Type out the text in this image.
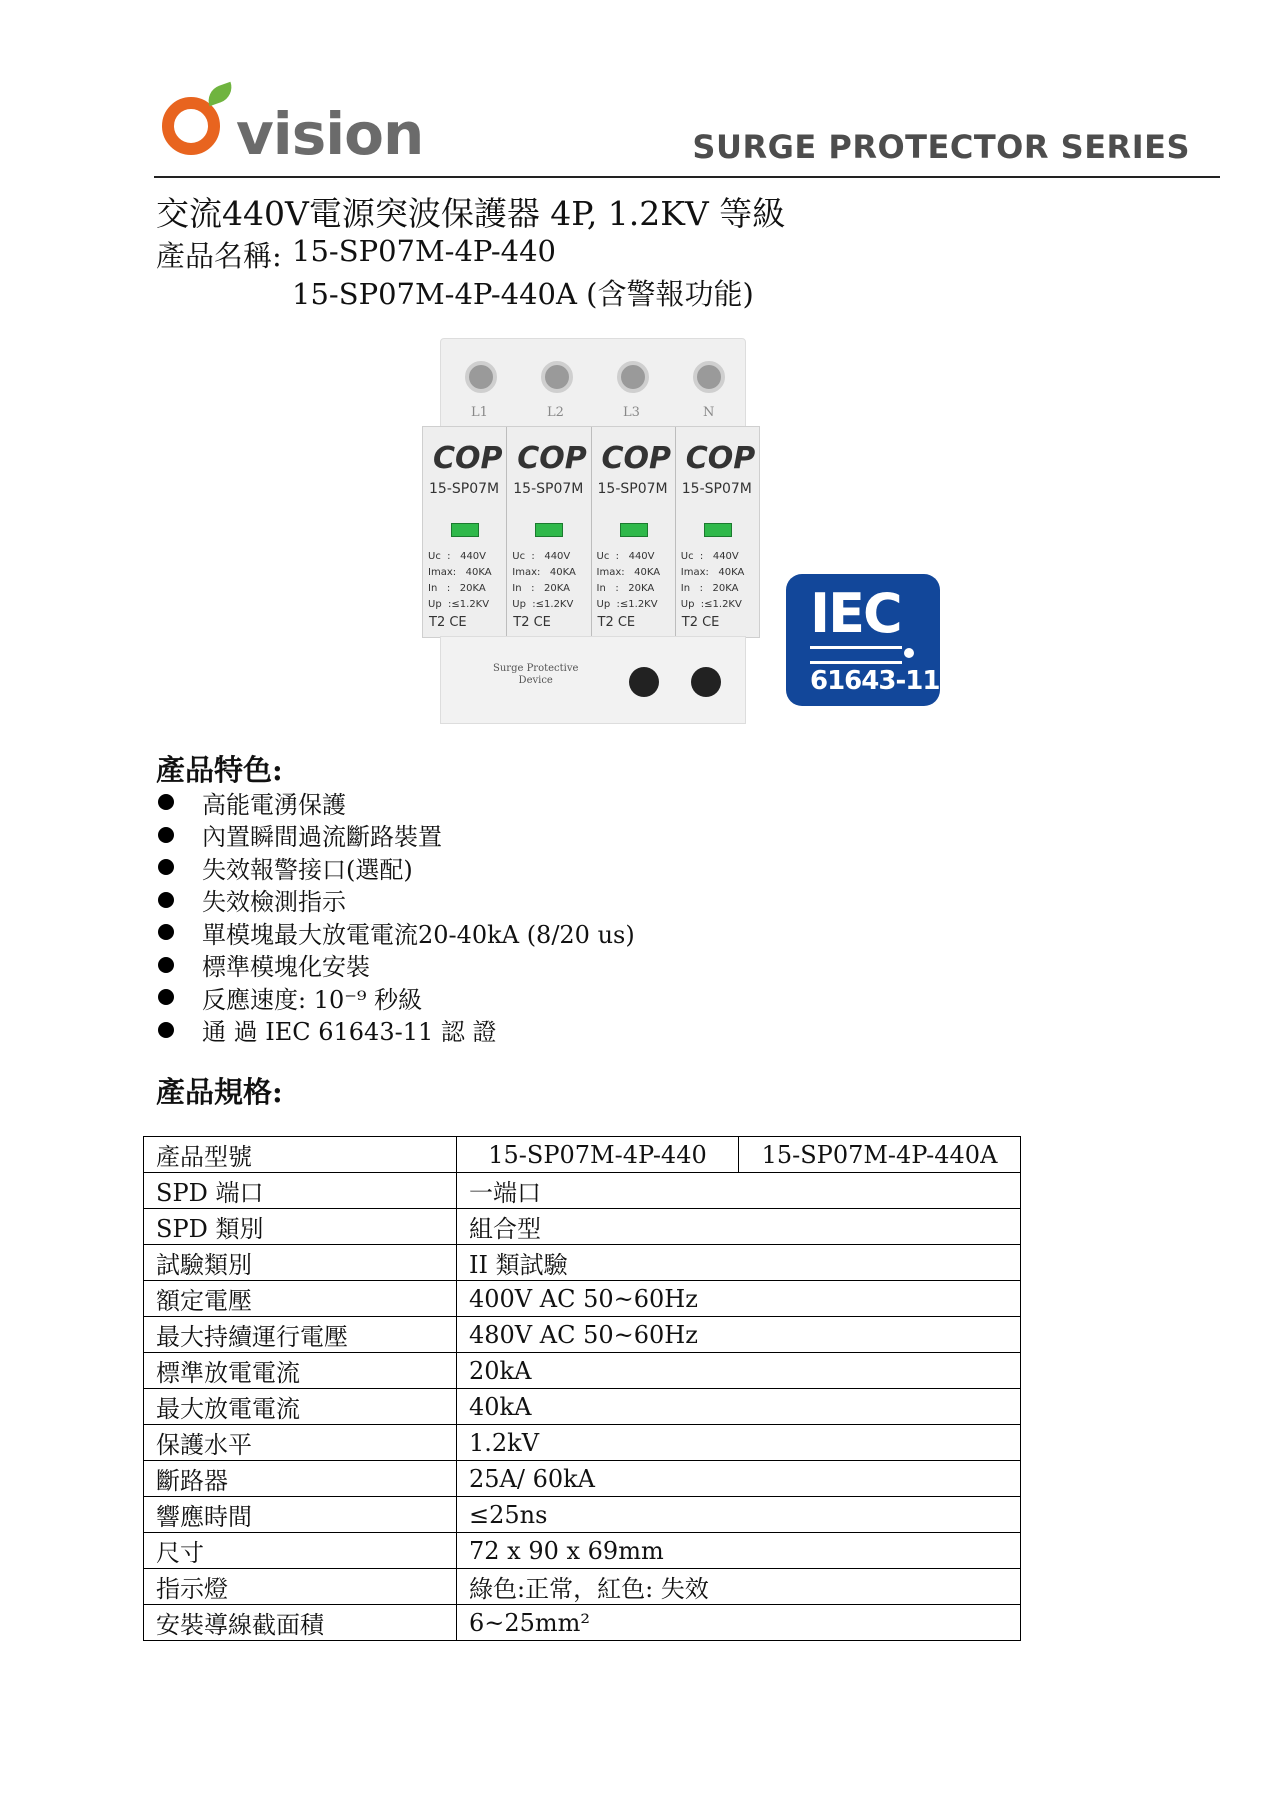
vision	SURGE PROTECTOR SERIES
交流440V電源突波保護器 4P, 1.2KV 等級
產品名稱: 15-SP07M-4P-440
15-SP07M-4P-440A (含警報功能)
L1	L2	L3	N
COP
15-SP07M
Uc  :   440V
Imax:   40KA
In   :   20KA
Up  :≤1.2KV
T2 CE
COP
15-SP07M
Uc  :   440V
Imax:   40KA
In   :   20KA
Up  :≤1.2KV
T2 CE
COP
15-SP07M
Uc  :   440V
Imax:   40KA
In   :   20KA
Up  :≤1.2KV
T2 CE
COP
15-SP07M
Uc  :   440V
Imax:   40KA
In   :   20KA
Up  :≤1.2KV
T2 CE
Surge Protective
Device
IEC
61643-11
產品特色:
高能電湧保護
內置瞬間過流斷路裝置
失效報警接口(選配)
失效檢測指示
單模塊最大放電電流20-40kA (8/20 us)
標準模塊化安裝
反應速度: 10⁻⁹ 秒級
通 過 IEC 61643-11 認 證
產品規格:
產品型號	15-SP07M-4P-440	15-SP07M-4P-440A
SPD 端口	一端口	
SPD 類別	組合型	
試驗類別	II 類試驗	
額定電壓	400V AC 50~60Hz	
最大持續運行電壓	480V AC 50~60Hz	
標準放電電流	20kA	
最大放電電流	40kA	
保護水平	1.2kV	
斷路器	25A/ 60kA	
響應時間	≤25ns	
尺寸	72 x 90 x 69mm	
指示燈	綠色:正常，紅色: 失效	
安裝導線截面積	6~25mm²	
